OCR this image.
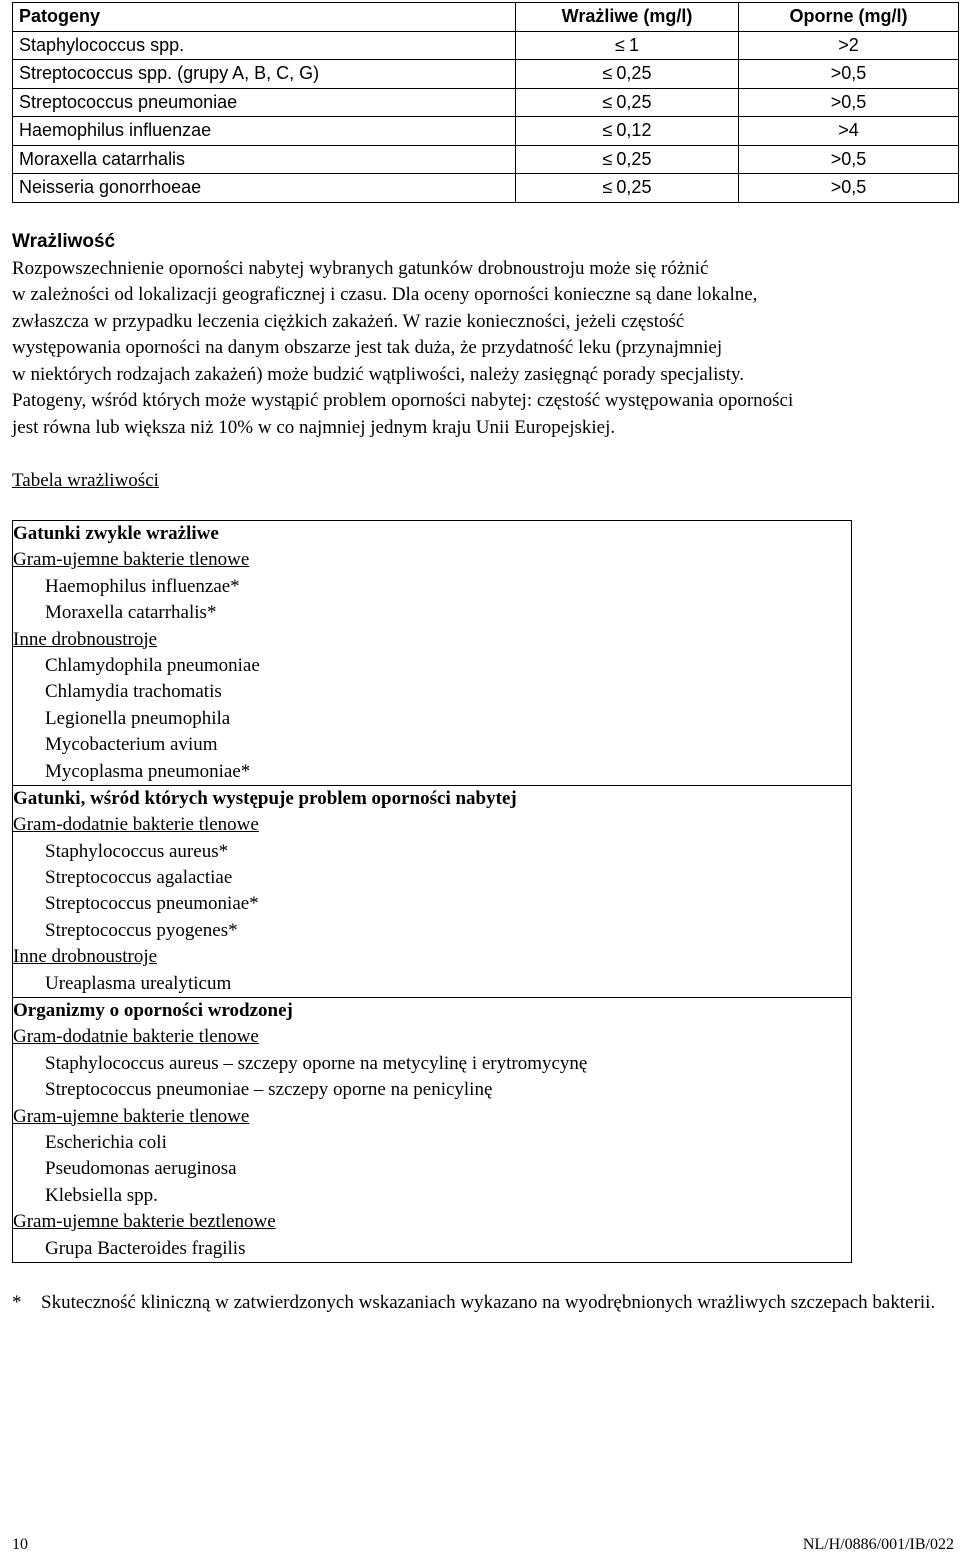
Patogeny	Wrażliwe (mg/l)	Oporne (mg/l)
Staphylococcus spp.	≤ 1	>2
Streptococcus spp. (grupy A, B, C, G)	≤ 0,25	>0,5
Streptococcus pneumoniae	≤ 0,25	>0,5
Haemophilus influenzae	≤ 0,12	>4
Moraxella catarrhalis	≤ 0,25	>0,5
Neisseria gonorrhoeae	≤ 0,25	>0,5
Wrażliwość
Rozpowszechnienie oporności nabytej wybranych gatunków drobnoustroju może się różnić
w zależności od lokalizacji geograficznej i czasu. Dla oceny oporności konieczne są dane lokalne,
zwłaszcza w przypadku leczenia ciężkich zakażeń. W razie konieczności, jeżeli częstość
występowania oporności na danym obszarze jest tak duża, że przydatność leku (przynajmniej
w niektórych rodzajach zakażeń) może budzić wątpliwości, należy zasięgnąć porady specjalisty.
Patogeny, wśród których może wystąpić problem oporności nabytej: częstość występowania oporności
jest równa lub większa niż 10% w co najmniej jednym kraju Unii Europejskiej.
Tabela wrażliwości
Gatunki zwykle wrażliwe
Gram-ujemne bakterie tlenowe
Haemophilus influenzae*
Moraxella catarrhalis*
Inne drobnoustroje
Chlamydophila pneumoniae
Chlamydia trachomatis
Legionella pneumophila
Mycobacterium avium
Mycoplasma pneumoniae*
Gatunki, wśród których występuje problem oporności nabytej
Gram-dodatnie bakterie tlenowe
Staphylococcus aureus*
Streptococcus agalactiae
Streptococcus pneumoniae*
Streptococcus pyogenes*
Inne drobnoustroje
Ureaplasma urealyticum
Organizmy o oporności wrodzonej
Gram-dodatnie bakterie tlenowe
Staphylococcus aureus – szczepy oporne na metycylinę i erytromycynę
Streptococcus pneumoniae – szczepy oporne na penicylinę
Gram-ujemne bakterie tlenowe
Escherichia coli
Pseudomonas aeruginosa
Klebsiella spp.
Gram-ujemne bakterie beztlenowe
Grupa Bacteroides fragilis
* Skuteczność kliniczną w zatwierdzonych wskazaniach wykazano na wyodrębnionych wrażliwych szczepach bakterii.
10	NL/H/0886/001/IB/022
